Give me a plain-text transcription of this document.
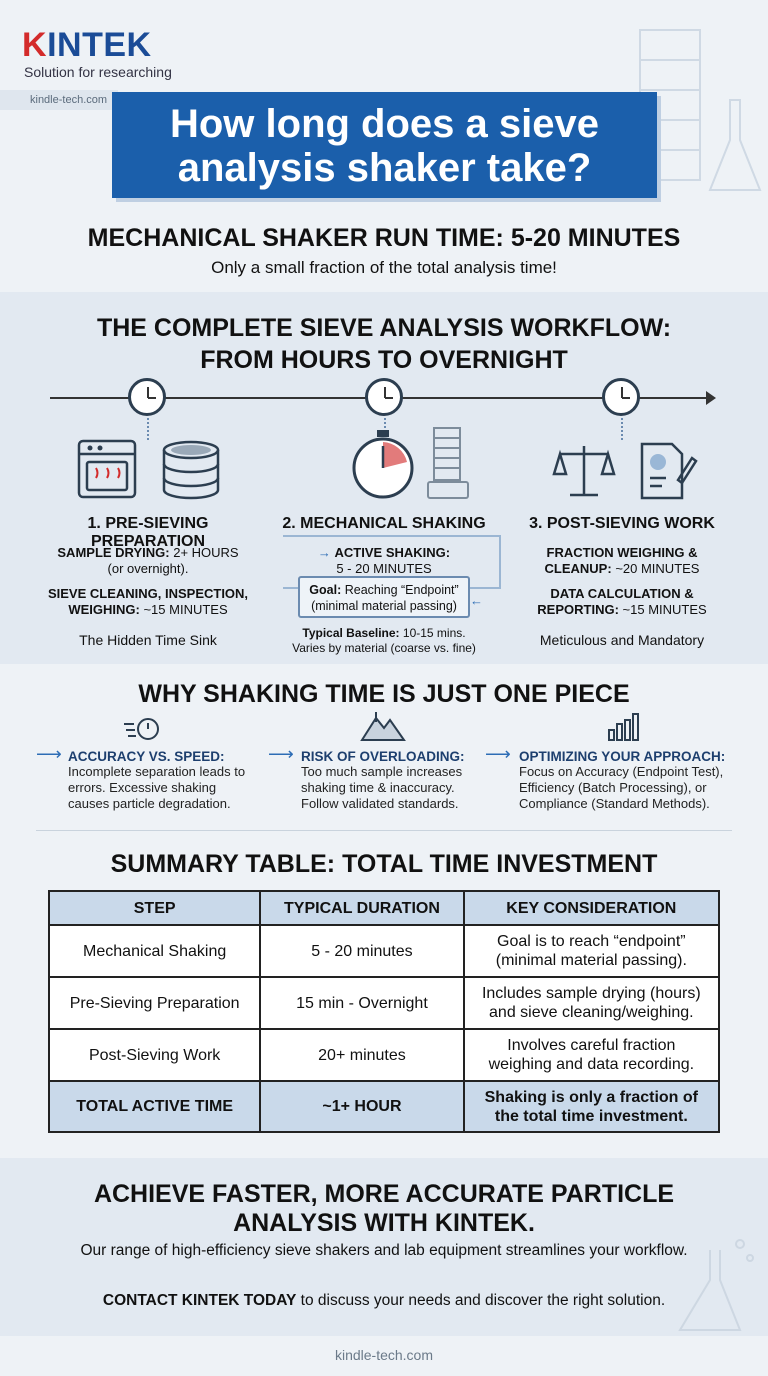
KINTEK
Solution for researching
kindle-tech.com
How long does a sieve analysis shaker take?
MECHANICAL SHAKER RUN TIME: 5-20 MINUTES
Only a small fraction of the total analysis time!
THE COMPLETE SIEVE ANALYSIS WORKFLOW:
FROM HOURS TO OVERNIGHT
1. PRE-SIEVING PREPARATION
SAMPLE DRYING: 2+ HOURS
(or overnight).
SIEVE CLEANING, INSPECTION,
WEIGHING: ~15 MINUTES
The Hidden Time Sink
2. MECHANICAL SHAKING
→ ACTIVE SHAKING:
5 - 20 MINUTES
Goal: Reaching “Endpoint”
(minimal material passing)	←
Typical Baseline: 10-15 mins.
Varies by material (coarse vs. fine)
3. POST-SIEVING WORK
FRACTION WEIGHING &
CLEANUP: ~20 MINUTES
DATA CALCULATION &
REPORTING: ~15 MINUTES
Meticulous and Mandatory
WHY SHAKING TIME IS JUST ONE PIECE
⟶ ACCURACY VS. SPEED:
Incomplete separation leads to
errors. Excessive shaking
causes particle degradation.
⟶ RISK OF OVERLOADING:
Too much sample increases
shaking time & inaccuracy.
Follow validated standards.
⟶ OPTIMIZING YOUR APPROACH:
Focus on Accuracy (Endpoint Test),
Efficiency (Batch Processing), or
Compliance (Standard Methods).
SUMMARY TABLE: TOTAL TIME INVESTMENT
STEP	TYPICAL DURATION	KEY CONSIDERATION
Mechanical Shaking	5 - 20 minutes	Goal is to reach “endpoint”
(minimal material passing).

Pre-Sieving Preparation	15 min - Overnight	Includes sample drying (hours)
and sieve cleaning/weighing.

Post-Sieving Work	20+ minutes	Involves careful fraction
weighing and data recording.

TOTAL ACTIVE TIME	~1+ HOUR	Shaking is only a fraction of
the total time investment.
ACHIEVE FASTER, MORE ACCURATE PARTICLE
ANALYSIS WITH KINTEK.
Our range of high-efficiency sieve shakers and lab equipment streamlines your workflow.
CONTACT KINTEK TODAY to discuss your needs and discover the right solution.
kindle-tech.com
